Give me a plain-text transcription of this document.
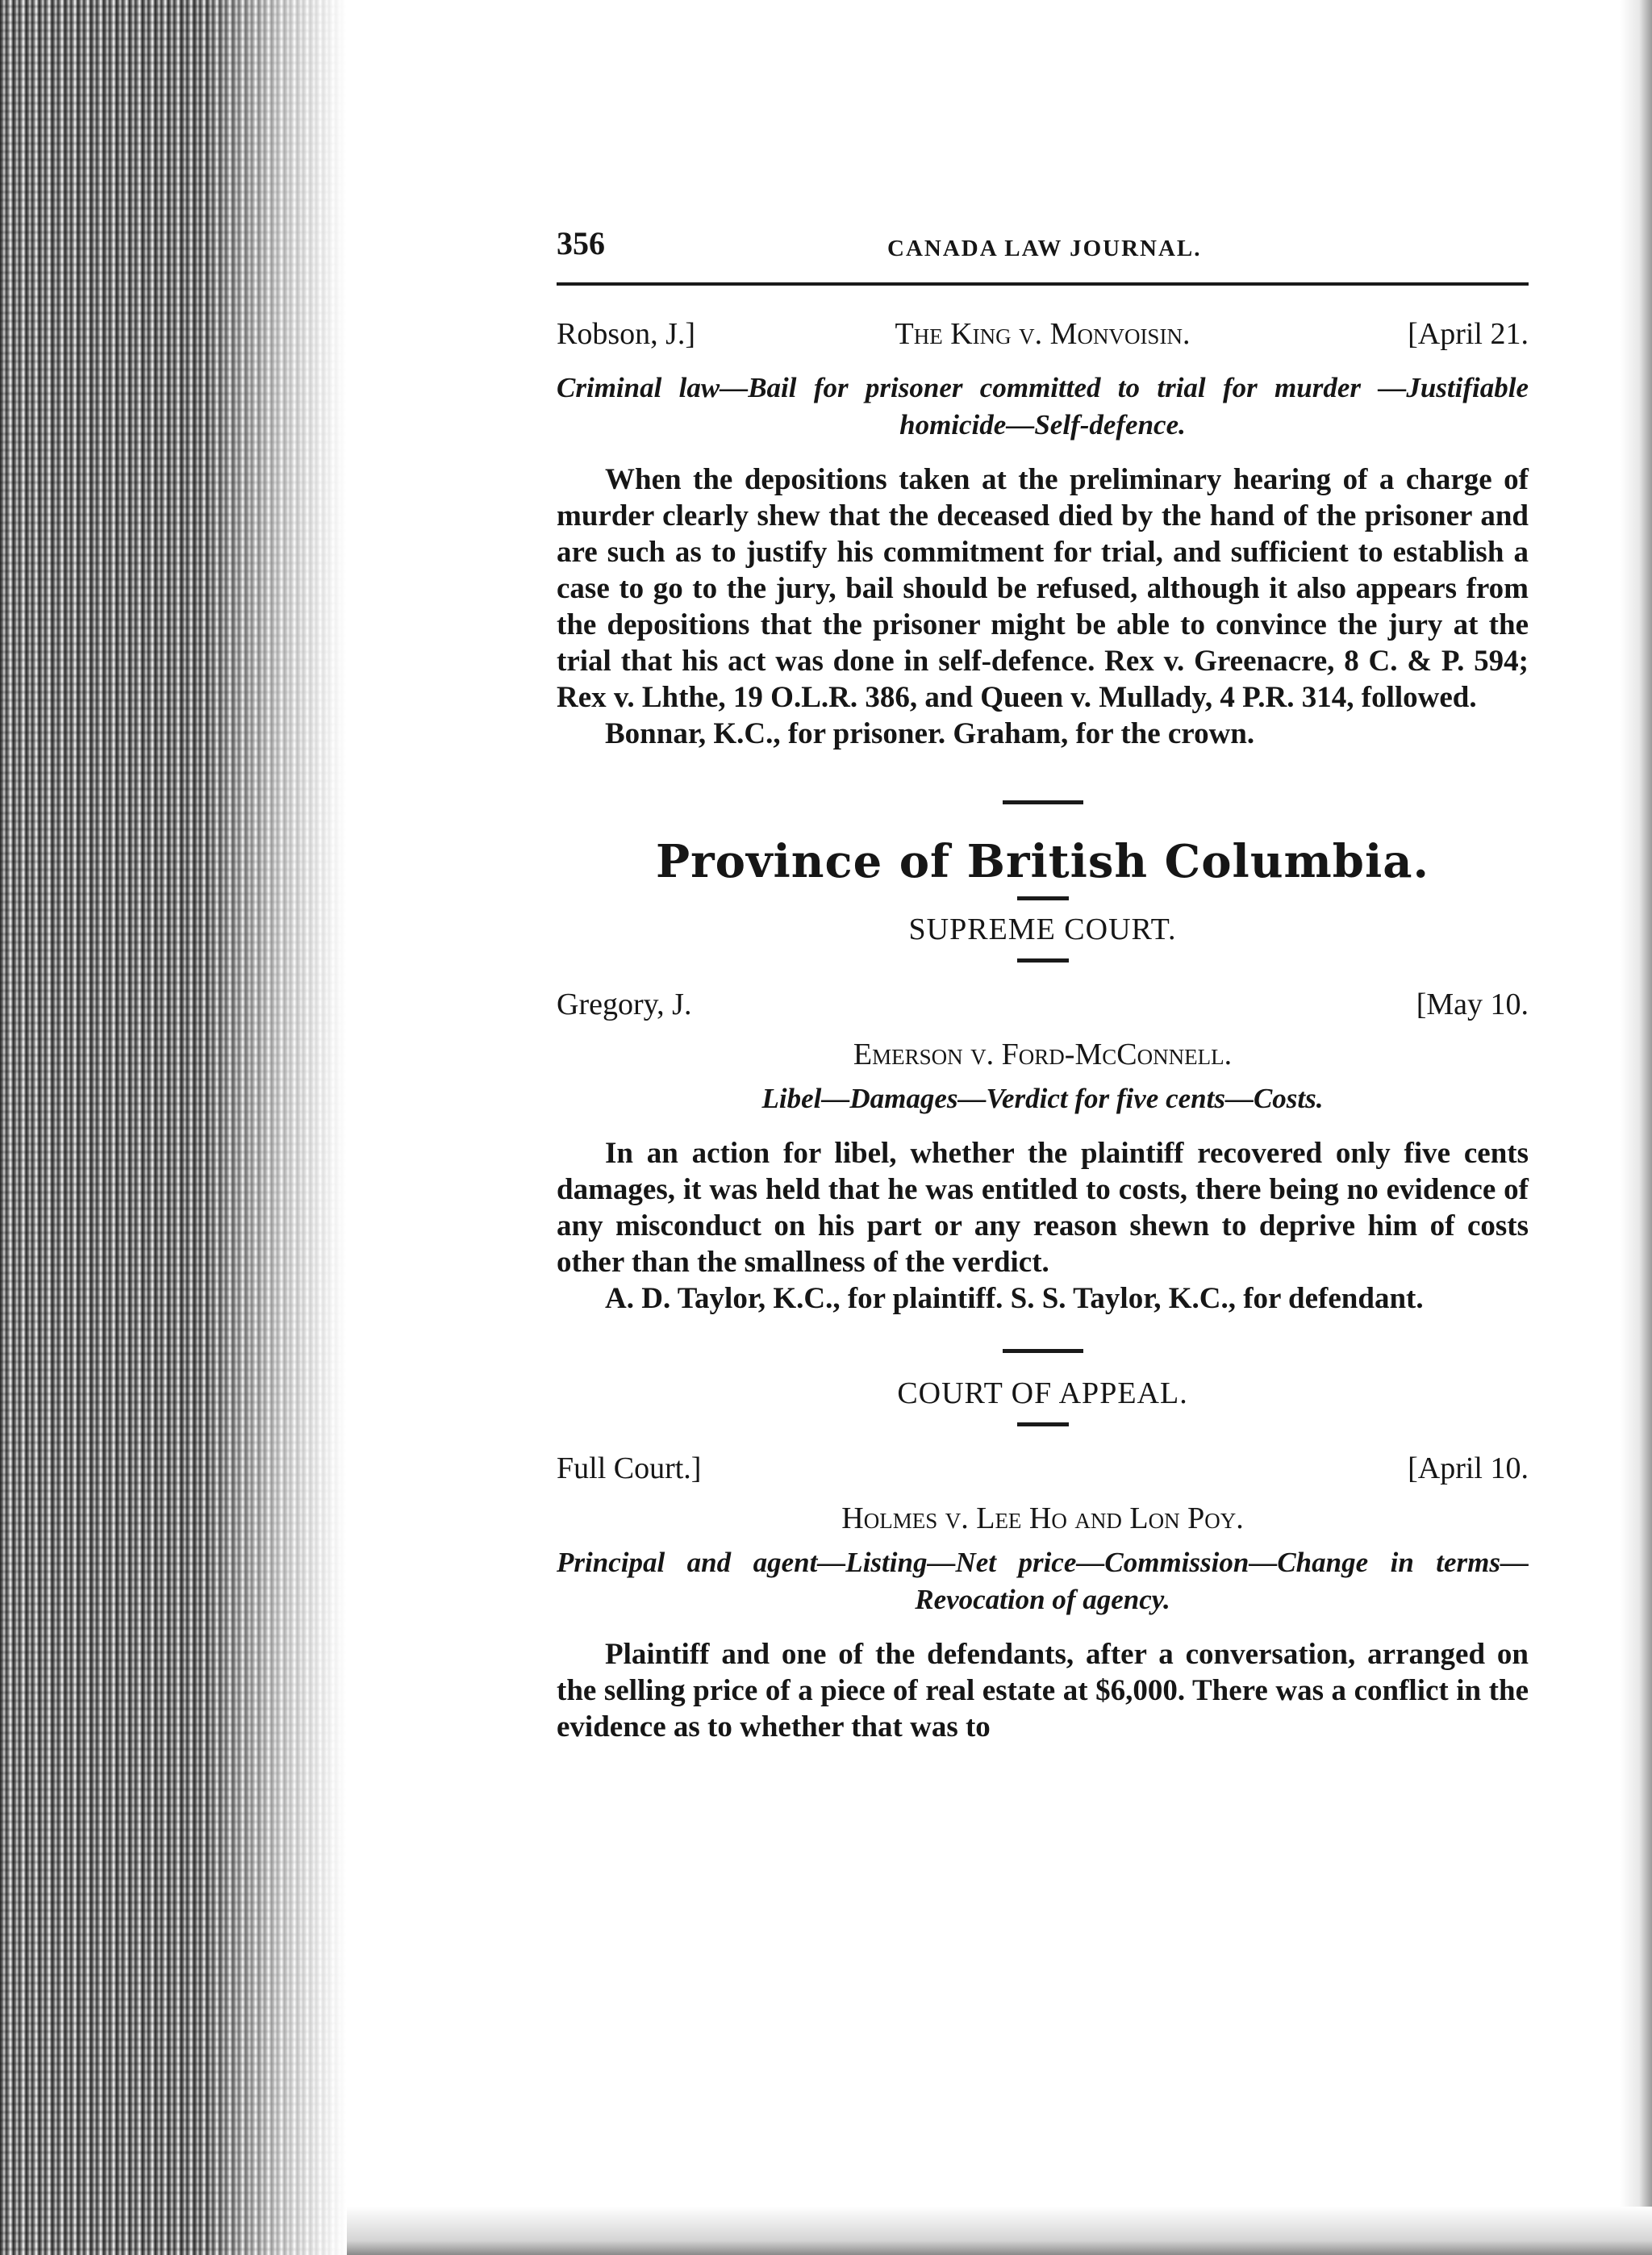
356	CANADA LAW JOURNAL.
The King v. Monvoisin.
Robson, J.]	[April 21.
Criminal law—Bail for prisoner committed to trial for murder —Justifiable homicide—Self-defence.

When the depositions taken at the preliminary hearing of a charge of murder clearly shew that the deceased died by the hand of the prisoner and are such as to justify his commitment for trial, and sufficient to establish a case to go to the jury, bail should be refused, although it also appears from the depositions that the prisoner might be able to convince the jury at the trial that his act was done in self-defence. Rex v. Greenacre, 8 C. & P. 594; Rex v. Lhthe, 19 O.L.R. 386, and Queen v. Mullady, 4 P.R. 314, followed.

Bonnar, K.C., for prisoner. Graham, for the crown.

Province of British Columbia.
SUPREME COURT.
Gregory, J.	[May 10.
Emerson v. Ford-McConnell.
Libel—Damages—Verdict for five cents—Costs.

In an action for libel, whether the plaintiff recovered only five cents damages, it was held that he was entitled to costs, there being no evidence of any misconduct on his part or any reason shewn to deprive him of costs other than the smallness of the verdict.

A. D. Taylor, K.C., for plaintiff. S. S. Taylor, K.C., for defendant.

COURT OF APPEAL.
Full Court.]	[April 10.
Holmes v. Lee Ho and Lon Poy.
Principal and agent—Listing—Net price—Commission—Change in terms—Revocation of agency.

Plaintiff and one of the defendants, after a conversation, arranged on the selling price of a piece of real estate at $6,000. There was a conflict in the evidence as to whether that was to
